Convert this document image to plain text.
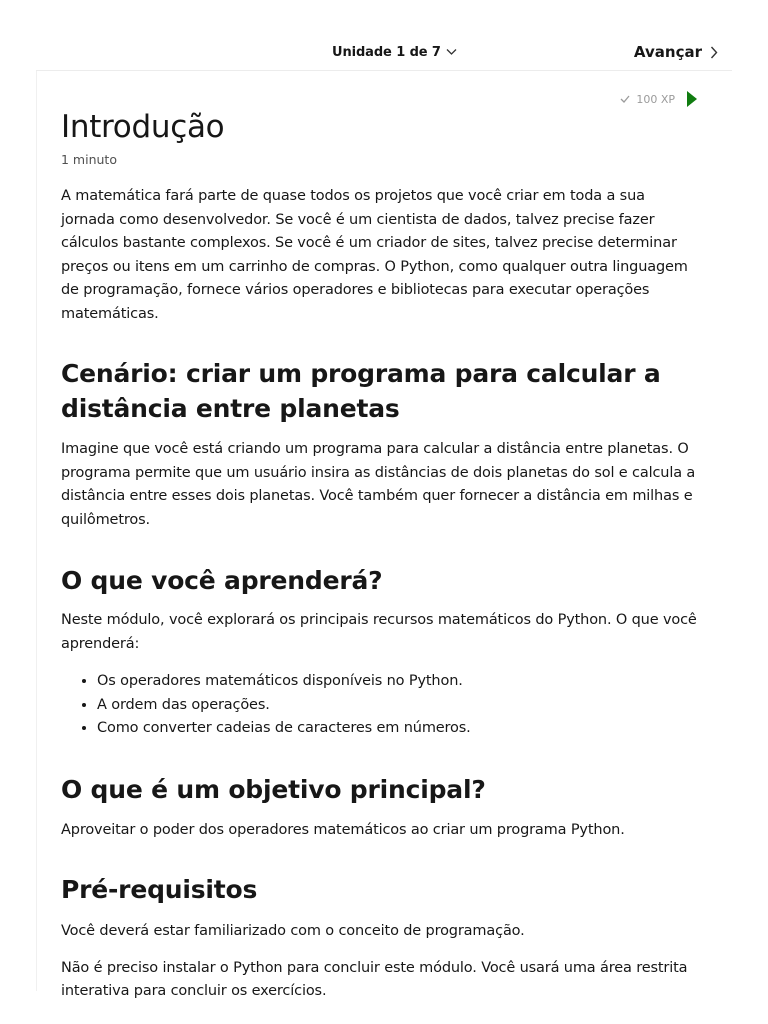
Unidade 1 de 7	Avançar
100 XP
Introdução
1 minuto

A matemática fará parte de quase todos os projetos que você criar em toda a sua jornada como desenvolvedor. Se você é um cientista de dados, talvez precise fazer cálculos bastante complexos. Se você é um criador de sites, talvez precise determinar preços ou itens em um carrinho de compras. O Python, como qualquer outra linguagem de programação, fornece vários operadores e bibliotecas para executar operações matemáticas.

Cenário: criar um programa para calcular a distância entre planetas

Imagine que você está criando um programa para calcular a distância entre planetas. O programa permite que um usuário insira as distâncias de dois planetas do sol e calcula a distância entre esses dois planetas. Você também quer fornecer a distância em milhas e quilômetros.

O que você aprenderá?

Neste módulo, você explorará os principais recursos matemáticos do Python. O que você aprenderá:

• Os operadores matemáticos disponíveis no Python.
• A ordem das operações.
• Como converter cadeias de caracteres em números.
O que é um objetivo principal?

Aproveitar o poder dos operadores matemáticos ao criar um programa Python.

Pré-requisitos

Você deverá estar familiarizado com o conceito de programação.

Não é preciso instalar o Python para concluir este módulo. Você usará uma área restrita interativa para concluir os exercícios.
